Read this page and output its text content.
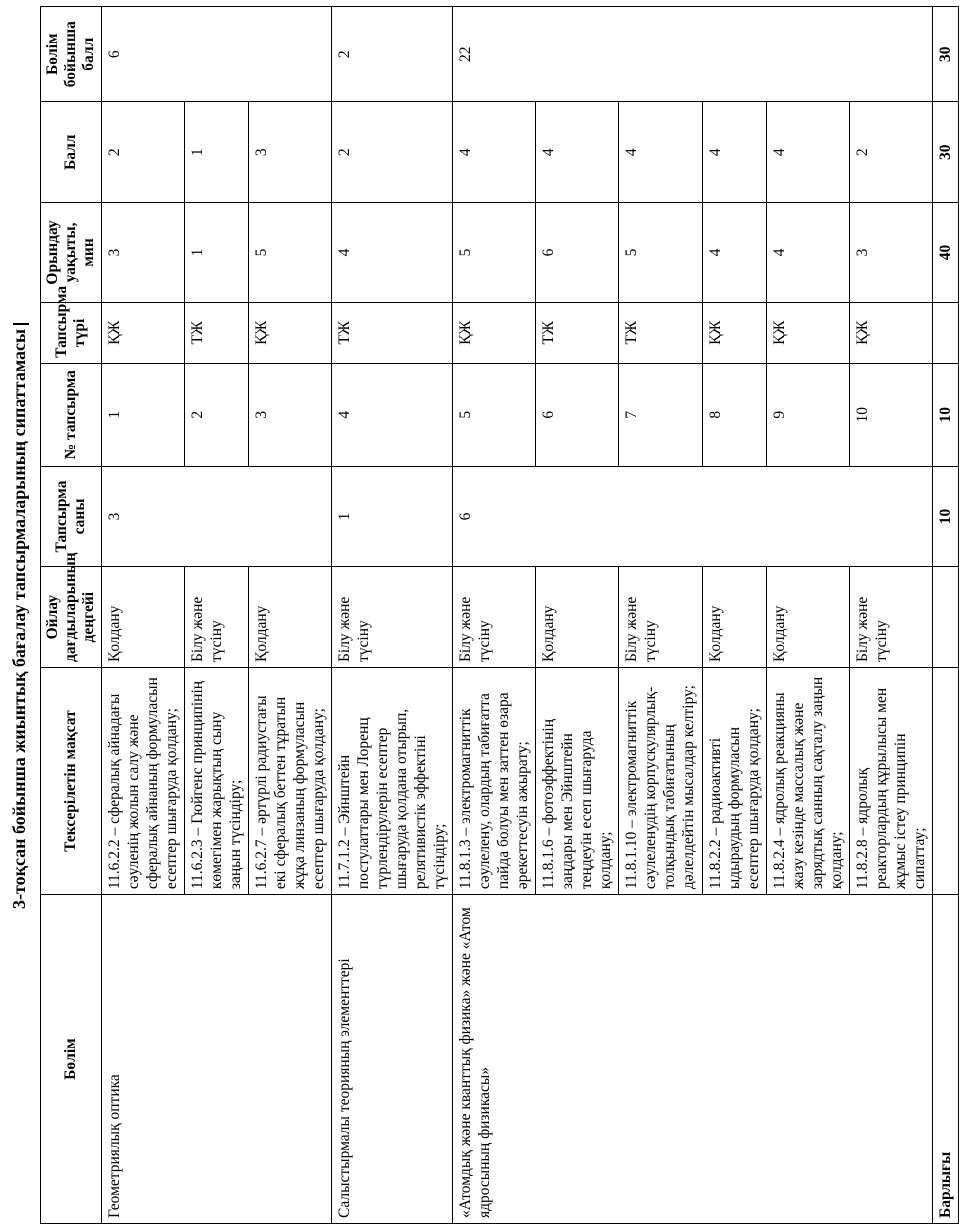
3-тоқсан бойынша жиынтық бағалау тапсырмаларының сипаттамасы
Бөлім	Тексерілетін мақсат	Ойлау дағдыларының деңгейі	Тапсырма саны	№ тапсырма	Тапсырма түрі	Орындау уақыты, мин	Балл	Бөлім бойынша балл
Геометриялық оптика	11.6.2.2 – сфералық айнадағы сәуленің жолын салу және сфералық айнаның формуласын есептер шығаруда қолдану;	Қолдану	3	1	ҚЖ	3	2	6
	11.6.2.3 – Гюйгенс принципінің көмегімен жарықтың сыну заңын түсіндіру;	Білу және түсіну		2	ТЖ	1	1	
	11.6.2.7 – әртүрлі радиустағы екі сфералық беттен тұратын жұқа линзаның формуласын есептер шығаруда қолдану;	Қолдану		3	ҚЖ	5	3	
Салыстырмалы теорияның элементтері	11.7.1.2 – Эйнштейн постулаттары мен Лоренц түрлендірулерін есептер шығаруда қолдана отырып, релятивистік эффектіні түсіндіру;	Білу және түсіну	1	4	ТЖ	4	2	2
«Атомдық және кванттық физика» және «Атом ядросының физикасы»	11.8.1.3 – электромагниттік сәулелену, олардың табиғатта пайда болуы мен заттен өзара әрекеттесуін ажырату;	Білу және түсіну	6	5	ҚЖ	5	4	22
	11.8.1.6 – фотоэффектінің заңдары мен Эйнштейн теңдеуін есеп шығаруда қолдану;	Қолдану		6	ТЖ	6	4	
	11.8.1.10 – электромагниттік сәулеленудің корпускулярлық-толқындық табиғатының дәлелдейтін мысалдар келтіру;	Білу және түсіну		7	ТЖ	5	4	
	11.8.2.2 – радиоактивті ыдыраудың формуласын есептер шығаруда қолдану;	Қолдану		8	ҚЖ	4	4	
	11.8.2.4 – ядролық реакцияны жазу кезінде массалық және зарядтық санның сақталу заңын қолдану;	Қолдану		9	ҚЖ	4	4	
	11.8.2.8 – ядролық реакторлардың құрылысы мен жұмыс істеу принципін сипаттау;	Білу және түсіну		10	ҚЖ	3	2	
Барлығы			10	10		40	30	30
